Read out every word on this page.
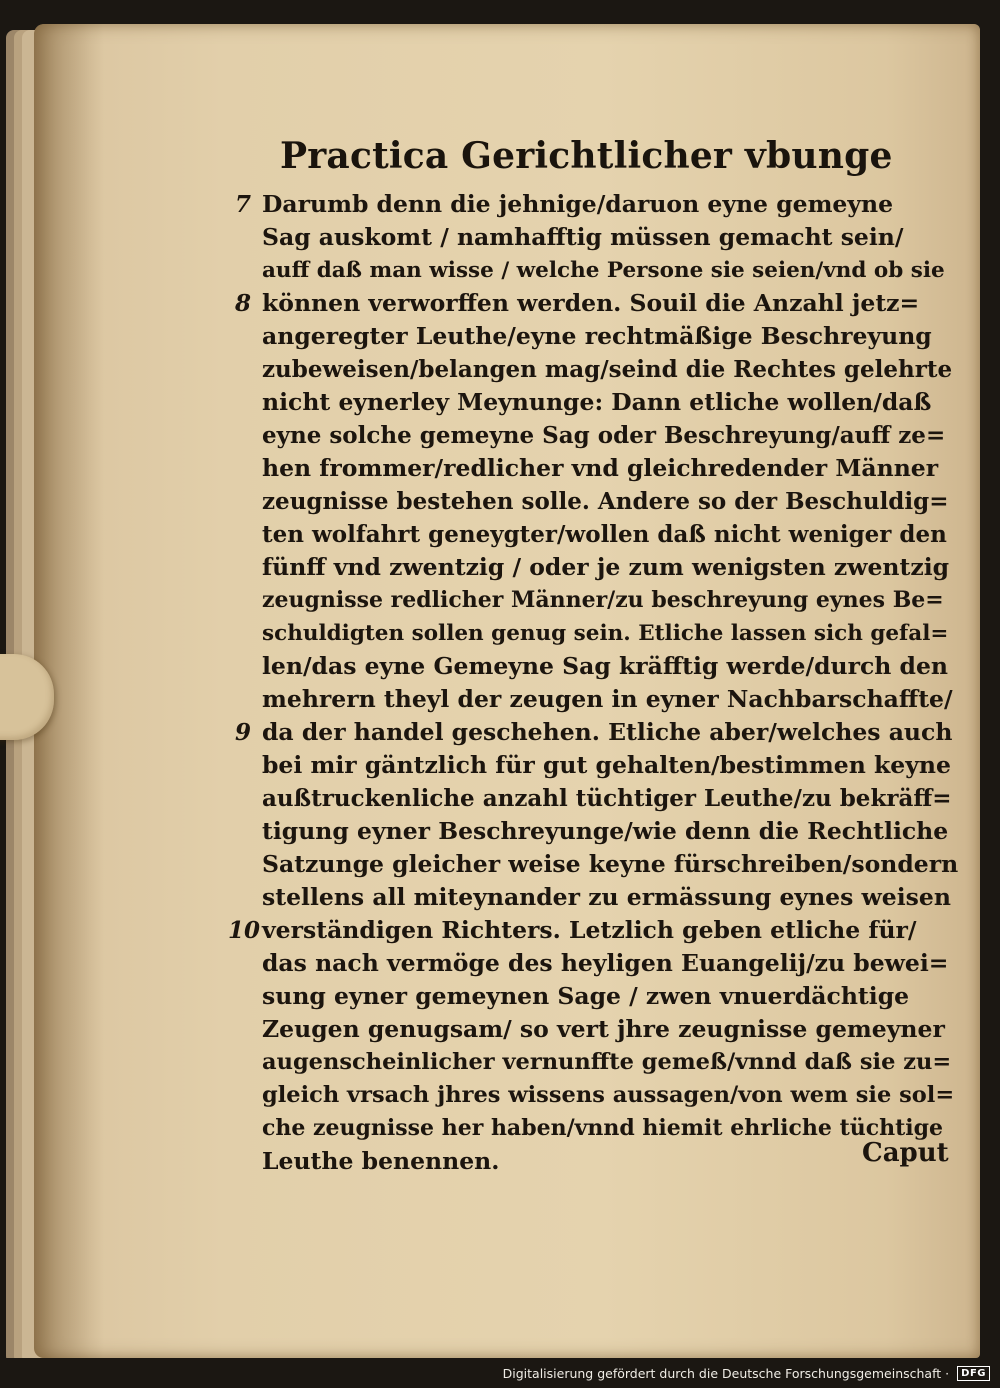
Practica Gerichtlicher vbunge
7 Darumb denn die jehnige/daruon eyne gemeyne
Sag auskomt / namhafftig müssen gemacht sein/
auff daß man wisse / welche Persone sie seien/vnd ob sie
8 können verworffen werden. Souil die Anzahl jetz=
angeregter Leuthe/eyne rechtmäßige Beschreyung
zubeweisen/belangen mag/seind die Rechtes gelehrte
nicht eynerley Meynunge: Dann etliche wollen/daß
eyne solche gemeyne Sag oder Beschreyung/auff ze=
hen frommer/redlicher vnd gleichredender Männer
zeugnisse bestehen solle. Andere so der Beschuldig=
ten wolfahrt geneygter/wollen daß nicht weniger den
fünff vnd zwentzig / oder je zum wenigsten zwentzig
zeugnisse redlicher Männer/zu beschreyung eynes Be=
schuldigten sollen genug sein. Etliche lassen sich gefal=
len/das eyne Gemeyne Sag kräfftig werde/durch den
mehrern theyl der zeugen in eyner Nachbarschaffte/
9 da der handel geschehen. Etliche aber/welches auch
bei mir gäntzlich für gut gehalten/bestimmen keyne
außtruckenliche anzahl tüchtiger Leuthe/zu bekräff=
tigung eyner Beschreyunge/wie denn die Rechtliche
Satzunge gleicher weise keyne fürschreiben/sondern
stellens all miteynander zu ermässung eynes weisen
10 verständigen Richters. Letzlich geben etliche für/
das nach vermöge des heyligen Euangelij/zu bewei=
sung eyner gemeynen Sage / zwen vnuerdächtige
Zeugen genugsam/ so vert jhre zeugnisse gemeyner
augenscheinlicher vernunffte gemeß/vnnd daß sie zu=
gleich vrsach jhres wissens aussagen/von wem sie sol=
che zeugnisse her haben/vnnd hiemit ehrliche tüchtige
Leuthe benennen.	Caput
Digitalisierung gefördert durch die Deutsche Forschungsgemeinschaft ·	DFG
